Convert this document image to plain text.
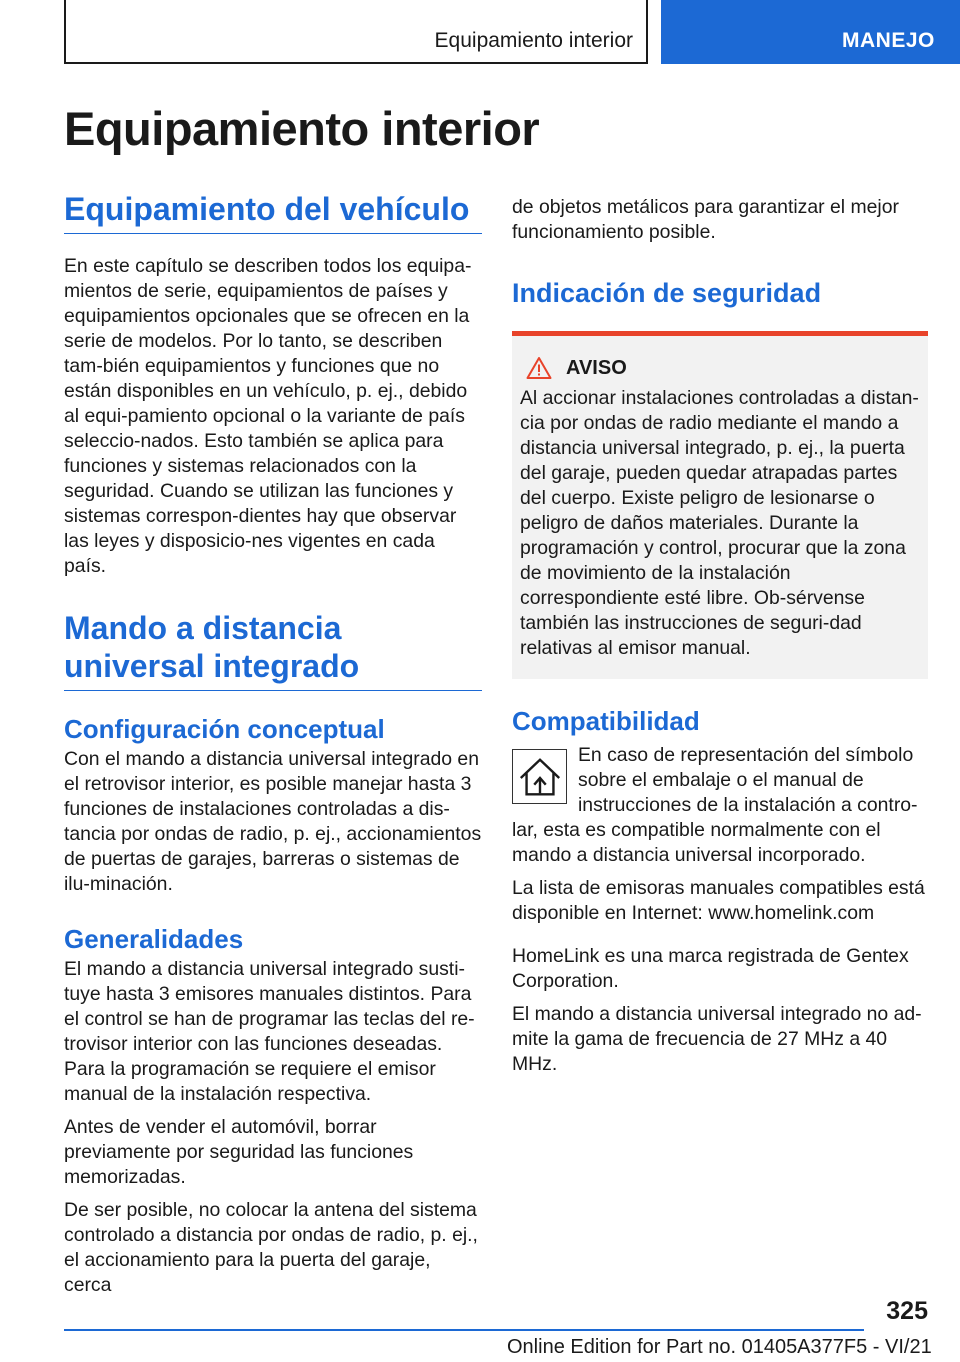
Equipamiento interior	MANEJO
Equipamiento interior
Equipamiento del vehículo

En este capítulo se describen todos los equipa-mientos de serie, equipamientos de países y equipamientos opcionales que se ofrecen en la serie de modelos. Por lo tanto, se describen tam-bién equipamientos y funciones que no están disponibles en un vehículo, p. ej., debido al equi-pamiento opcional o la variante de país seleccio-nados. Esto también se aplica para funciones y sistemas relacionados con la seguridad. Cuando se utilizan las funciones y sistemas correspon-dientes hay que observar las leyes y disposicio-nes vigentes en cada país.

Mando a distancia universal integrado
Configuración conceptual

Con el mando a distancia universal integrado en el retrovisor interior, es posible manejar hasta 3 funciones de instalaciones controladas a dis-tancia por ondas de radio, p. ej., accionamientos de puertas de garajes, barreras o sistemas de ilu-minación.

Generalidades

El mando a distancia universal integrado susti-tuye hasta 3 emisores manuales distintos. Para el control se han de programar las teclas del re-trovisor interior con las funciones deseadas. Para la programación se requiere el emisor manual de la instalación respectiva.

Antes de vender el automóvil, borrar previamente por seguridad las funciones memorizadas.

De ser posible, no colocar la antena del sistema controlado a distancia por ondas de radio, p. ej., el accionamiento para la puerta del garaje, cerca

de objetos metálicos para garantizar el mejor funcionamiento posible.

Indicación de seguridad
AVISO

Al accionar instalaciones controladas a distan-cia por ondas de radio mediante el mando a distancia universal integrado, p. ej., la puerta del garaje, pueden quedar atrapadas partes del cuerpo. Existe peligro de lesionarse o peligro de daños materiales. Durante la programación y control, procurar que la zona de movimiento de la instalación correspondiente esté libre. Ob-sérvense también las instrucciones de seguri-dad relativas al emisor manual.

Compatibilidad

En caso de representación del símbolo sobre el embalaje o el manual de instrucciones de la instalación a contro-lar, esta es compatible normalmente con el mando a distancia universal incorporado.

La lista de emisoras manuales compatibles está disponible en Internet: www.homelink.com

HomeLink es una marca registrada de Gentex Corporation.

El mando a distancia universal integrado no ad-mite la gama de frecuencia de 27 MHz a 40 MHz.

325
Online Edition for Part no. 01405A377F5 - VI/21
